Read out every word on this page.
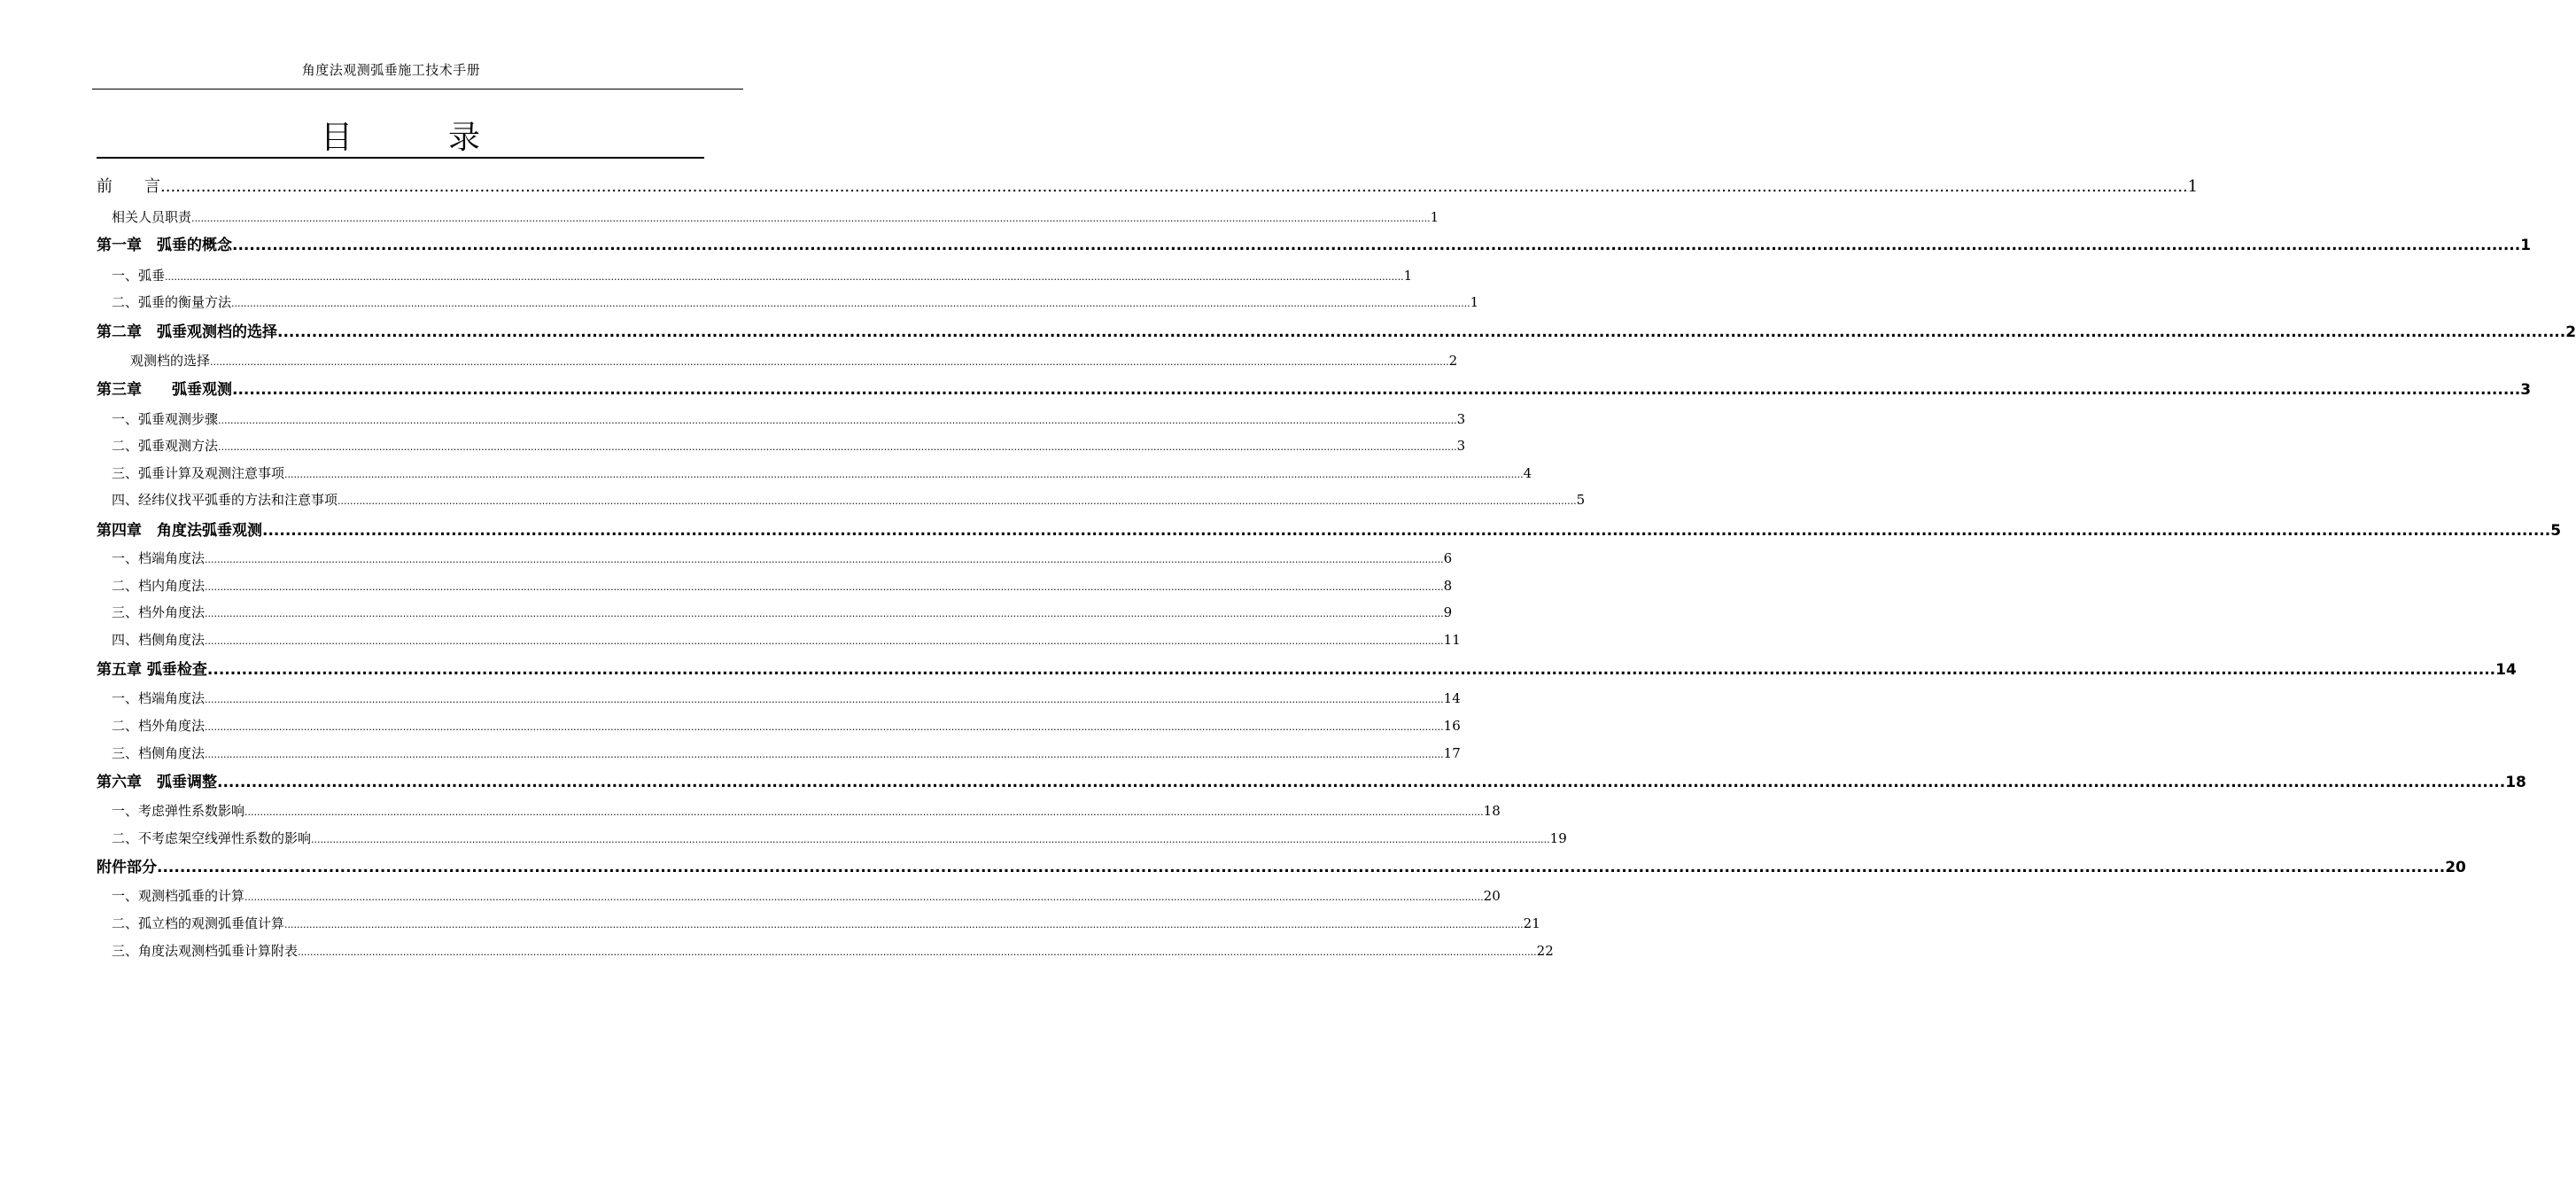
角度法观测弧垂施工技术手册
目　录
前　　言 ................................................................................................................................................................................................................................................................................................................................................................................................................ 1
相关人员职责 ................................................................................................................................................................................................................................................................................................................................................................................................................ 1
第一章　弧垂的概念 ................................................................................................................................................................................................................................................................................................................................................................................................................ 1
一、弧垂 ................................................................................................................................................................................................................................................................................................................................................................................................................ 1
二、弧垂的衡量方法 ................................................................................................................................................................................................................................................................................................................................................................................................................ 1
第二章　弧垂观测档的选择 ................................................................................................................................................................................................................................................................................................................................................................................................................ 2
观测档的选择 ................................................................................................................................................................................................................................................................................................................................................................................................................ 2
第三章　　弧垂观测 ................................................................................................................................................................................................................................................................................................................................................................................................................ 3
一、弧垂观测步骤 ................................................................................................................................................................................................................................................................................................................................................................................................................ 3
二、弧垂观测方法 ................................................................................................................................................................................................................................................................................................................................................................................................................ 3
三、弧垂计算及观测注意事项 ................................................................................................................................................................................................................................................................................................................................................................................................................ 4
四、经纬仪找平弧垂的方法和注意事项 ................................................................................................................................................................................................................................................................................................................................................................................................................ 5
第四章　角度法弧垂观测 ................................................................................................................................................................................................................................................................................................................................................................................................................ 5
一、档端角度法 ................................................................................................................................................................................................................................................................................................................................................................................................................ 6
二、档内角度法 ................................................................................................................................................................................................................................................................................................................................................................................................................ 8
三、档外角度法 ................................................................................................................................................................................................................................................................................................................................................................................................................ 9
四、档侧角度法 ................................................................................................................................................................................................................................................................................................................................................................................................................ 11
第五章 弧垂检查 ................................................................................................................................................................................................................................................................................................................................................................................................................ 14
一、档端角度法 ................................................................................................................................................................................................................................................................................................................................................................................................................ 14
二、档外角度法 ................................................................................................................................................................................................................................................................................................................................................................................................................ 16
三、档侧角度法 ................................................................................................................................................................................................................................................................................................................................................................................................................ 17
第六章　弧垂调整 ................................................................................................................................................................................................................................................................................................................................................................................................................ 18
一、考虑弹性系数影响 ................................................................................................................................................................................................................................................................................................................................................................................................................ 18
二、不考虑架空线弹性系数的影响 ................................................................................................................................................................................................................................................................................................................................................................................................................ 19
附件部分 ................................................................................................................................................................................................................................................................................................................................................................................................................ 20
一、观测档弧垂的计算 ................................................................................................................................................................................................................................................................................................................................................................................................................ 20
二、孤立档的观测弧垂值计算 ................................................................................................................................................................................................................................................................................................................................................................................................................ 21
三、角度法观测档弧垂计算附表 ................................................................................................................................................................................................................................................................................................................................................................................................................ 22
